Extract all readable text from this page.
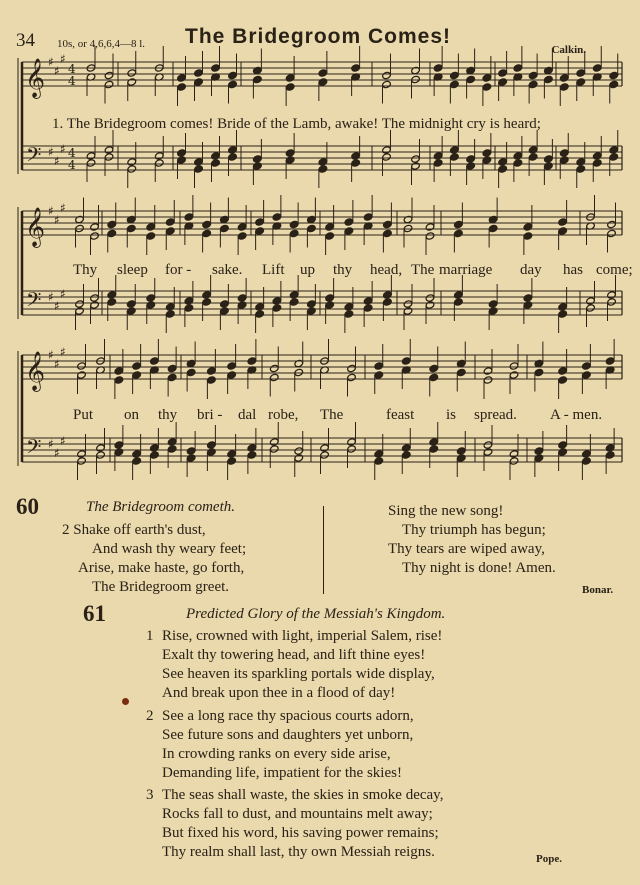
34 10s, or 4,6,6,4—8 l. The Bridegroom Comes!
Calkin.
𝄞
𝄢
♯
♯
♯
♯
♯
♯
4
4
4
4
𝄞
𝄢
♯
♯
♯
♯
♯
♯
𝄞
𝄢
♯
♯
♯
♯
♯
♯
1. The Bridegroom comes! Bride of the Lamb, awake! The midnight cry is heard;
Thy sleep for - sake. Lift up thy head, The marriage day has come;
Put on thy bri - dal robe, The	feast is spread. A - men.
60	The Bridegroom cometh.
2 Shake off earth's dust,
And wash thy weary feet;
Arise, make haste, go forth,
The Bridegroom greet.
Sing the new song!
Thy triumph has begun;
Thy tears are wiped away,
Thy night is done! Amen.
Bonar.
61	Predicted Glory of the Messiah's Kingdom.
1 Rise, crowned with light, imperial Salem, rise!
Exalt thy towering head, and lift thine eyes!
See heaven its sparkling portals wide display,
And break upon thee in a flood of day!
2 See a long race thy spacious courts adorn,
See future sons and daughters yet unborn,
In crowding ranks on every side arise,
Demanding life, impatient for the skies!
3 The seas shall waste, the skies in smoke decay,
Rocks fall to dust, and mountains melt away;
But fixed his word, his saving power remains;
Thy realm shall last, thy own Messiah reigns.	Pope.
